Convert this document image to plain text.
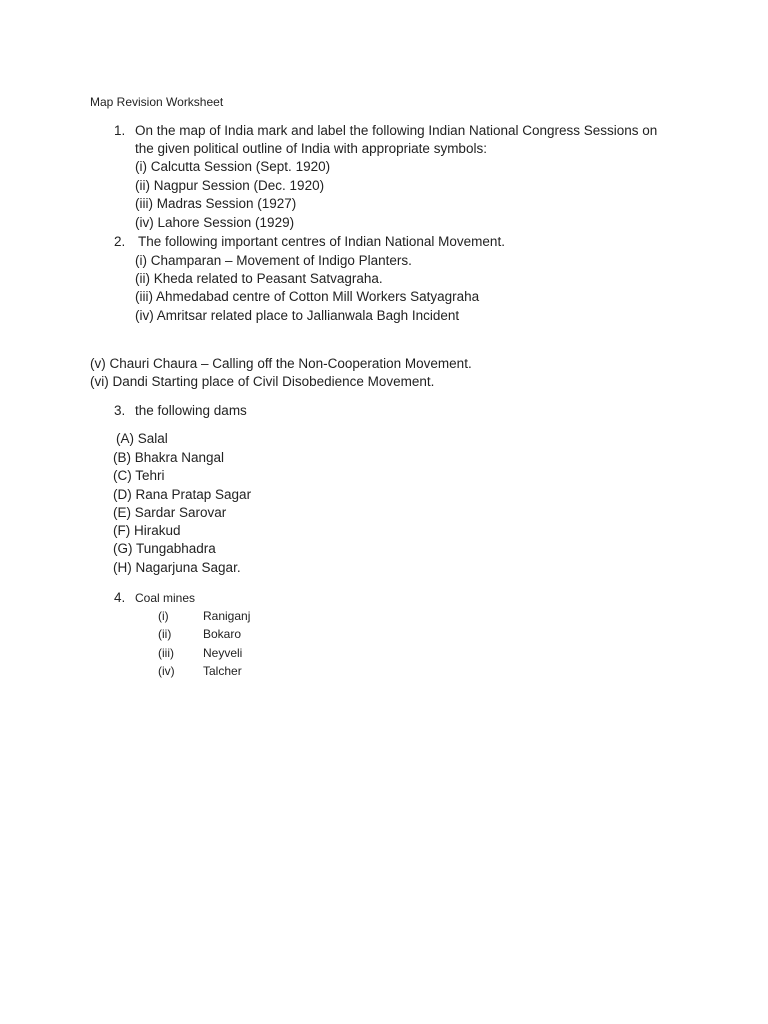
Map Revision Worksheet
1. On the map of India mark and label the following Indian National Congress Sessions on
the given political outline of India with appropriate symbols:
(i) Calcutta Session (Sept. 1920)
(ii) Nagpur Session (Dec. 1920)
(iii) Madras Session (1927)
(iv) Lahore Session (1929)
2. The following important centres of Indian National Movement.
(i) Champaran – Movement of Indigo Planters.
(ii) Kheda related to Peasant Satvagraha.
(iii) Ahmedabad centre of Cotton Mill Workers Satyagraha
(iv) Amritsar related place to Jallianwala Bagh Incident
(v) Chauri Chaura – Calling off the Non-Cooperation Movement.
(vi) Dandi Starting place of Civil Disobedience Movement.
3. the following dams
(A) Salal
(B) Bhakra Nangal
(C) Tehri
(D) Rana Pratap Sagar
(E) Sardar Sarovar
(F) Hirakud
(G) Tungabhadra
(H) Nagarjuna Sagar.
4. Coal mines
(i)	Raniganj
(ii)	Bokaro
(iii) Neyveli
(iv) Talcher
